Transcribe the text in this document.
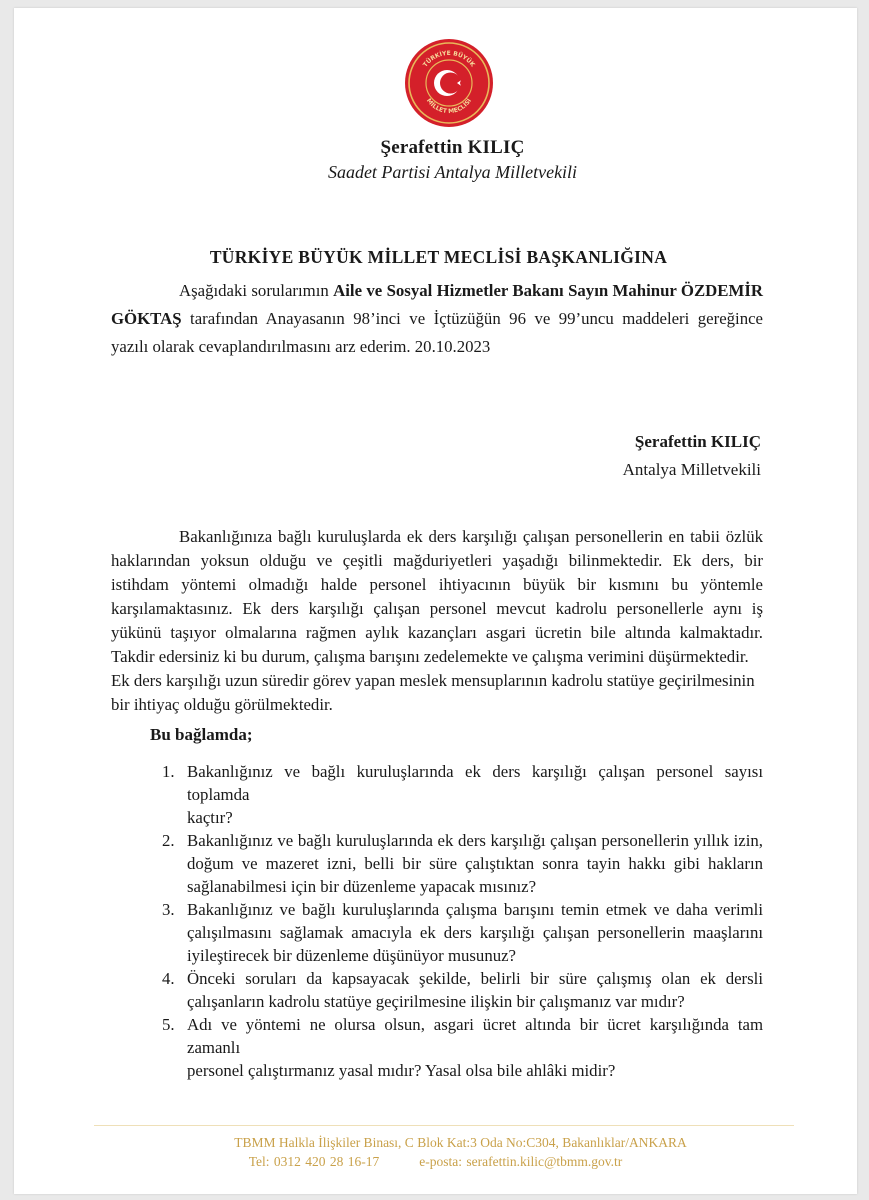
TÜRKİYE BÜYÜK
MİLLET MECLİSİ
Şerafettin KILIÇ
Saadet Partisi Antalya Milletvekili
TÜRKİYE BÜYÜK MİLLET MECLİSİ BAŞKANLIĞINA

Aşağıdaki sorularımın Aile ve Sosyal Hizmetler Bakanı Sayın Mahinur ÖZDEMİR
GÖKTAŞ tarafından Anayasanın 98’inci ve İçtüzüğün 96 ve 99’uncu maddeleri gereğince
yazılı olarak cevaplandırılmasını arz ederim. 20.10.2023

Şerafettin KILIÇ
Antalya Milletvekili

Bakanlığınıza bağlı kuruluşlarda ek ders karşılığı çalışan personellerin en tabii özlük
haklarından yoksun olduğu ve çeşitli mağduriyetleri yaşadığı bilinmektedir. Ek ders, bir
istihdam yöntemi olmadığı halde personel ihtiyacının büyük bir kısmını bu yöntemle
karşılamaktasınız. Ek ders karşılığı çalışan personel mevcut kadrolu personellerle aynı iş
yükünü taşıyor olmalarına rağmen aylık kazançları asgari ücretin bile altında kalmaktadır.
Takdir edersiniz ki bu durum, çalışma barışını zedelemekte ve çalışma verimini düşürmektedir.
Ek ders karşılığı uzun süredir görev yapan meslek mensuplarının kadrolu statüye geçirilmesinin
bir ihtiyaç olduğu görülmektedir.

Bu bağlamda;
1. Bakanlığınız ve bağlı kuruluşlarında ek ders karşılığı çalışan personel sayısı toplamda
kaçtır?
2. Bakanlığınız ve bağlı kuruluşlarında ek ders karşılığı çalışan personellerin yıllık izin,
doğum ve mazeret izni, belli bir süre çalıştıktan sonra tayin hakkı gibi hakların
sağlanabilmesi için bir düzenleme yapacak mısınız?
3. Bakanlığınız ve bağlı kuruluşlarında çalışma barışını temin etmek ve daha verimli
çalışılmasını sağlamak amacıyla ek ders karşılığı çalışan personellerin maaşlarını
iyileştirecek bir düzenleme düşünüyor musunuz?
4. Önceki soruları da kapsayacak şekilde, belirli bir süre çalışmış olan ek dersli
çalışanların kadrolu statüye geçirilmesine ilişkin bir çalışmanız var mıdır?
5. Adı ve yöntemi ne olursa olsun, asgari ücret altında bir ücret karşılığında tam zamanlı
personel çalıştırmanız yasal mıdır? Yasal olsa bile ahlâki midir?
TBMM Halkla İlişkiler Binası, C Blok Kat:3 Oda No:C304, Bakanlıklar/ANKARA
Tel: 0312 420 28 16-17	e-posta: serafettin.kilic@tbmm.gov.tr
